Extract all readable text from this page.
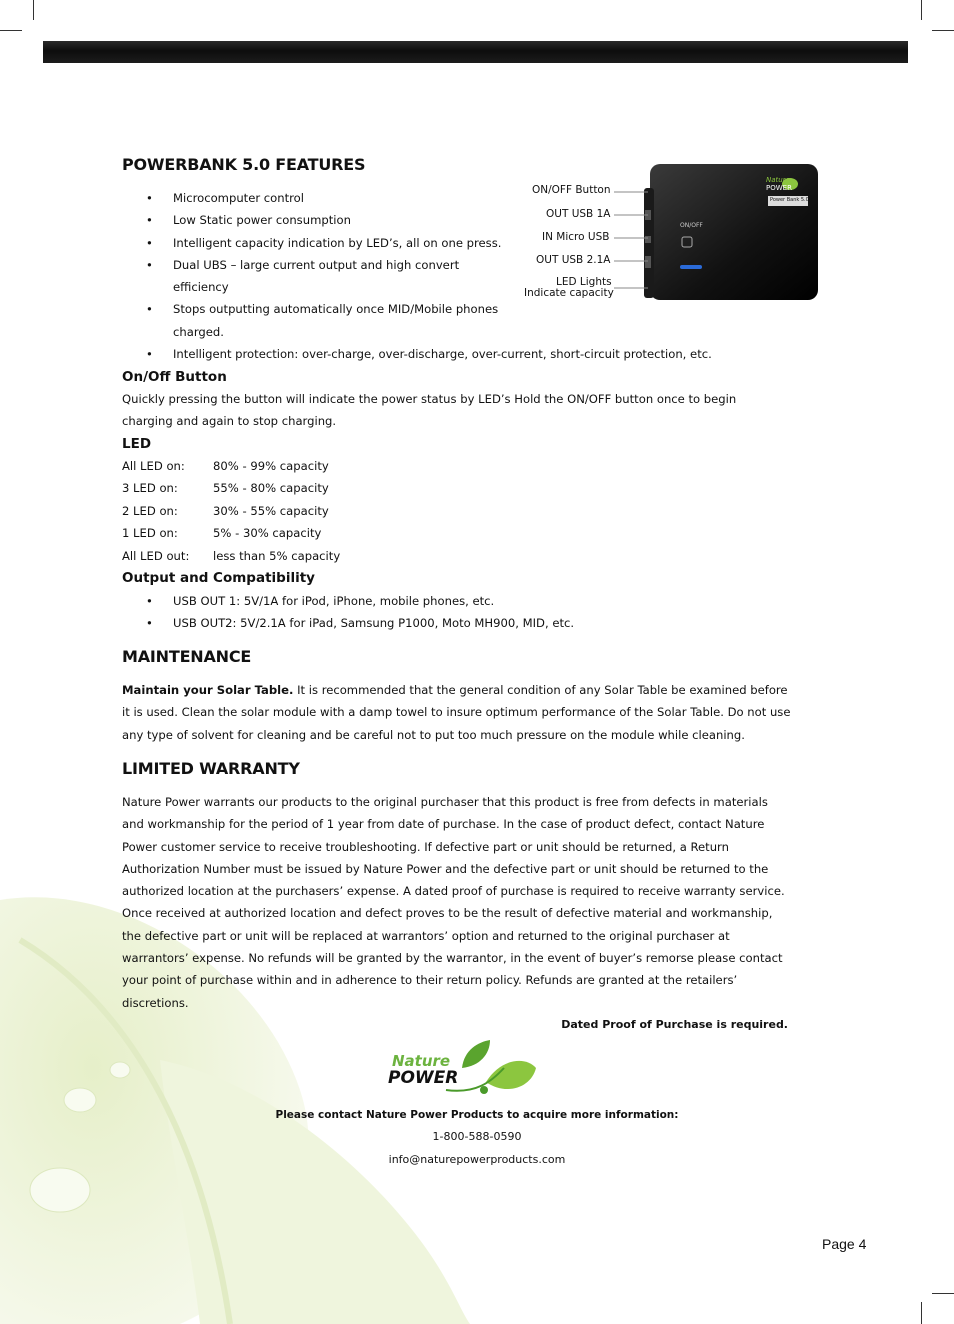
POWERBANK 5.0 FEATURES
• Microcomputer control
• Low Static power consumption
• Intelligent capacity indication by LED’s, all on one press.
• Dual UBS – large current output and high convert efficiency
• Stops outputting automatically once MID/Mobile phones charged.
• Intelligent protection: over-charge, over-discharge, over-current, short-circuit protection, etc.
On/Off Button

Quickly pressing the button will indicate the power status by LED’s Hold the ON/OFF button once to begin charging and again to stop charging.

LED
All LED on: 80% - 99% capacity
3 LED on:	55% - 80% capacity
2 LED on:	30% - 55% capacity
1 LED on:	5% - 30% capacity
All LED out: less than 5% capacity
Output and Compatibility
• USB OUT 1: 5V/1A for iPod, iPhone, mobile phones, etc.
• USB OUT2: 5V/2.1A for iPad, Samsung P1000, Moto MH900, MID, etc.
MAINTENANCE

Maintain your Solar Table. It is recommended that the general condition of any Solar Table be examined before it is used. Clean the solar module with a damp towel to insure optimum performance of the Solar Table. Do not use any type of solvent for cleaning and be careful not to put too much pressure on the module while cleaning.

LIMITED WARRANTY

Nature Power warrants our products to the original purchaser that this product is free from defects in materials and workmanship for the period of 1 year from date of purchase. In the case of product defect, contact Nature Power customer service to receive troubleshooting. If defective part or unit should be returned, a Return Authorization Number must be issued by Nature Power and the defective part or unit should be returned to the authorized location at the purchasers’ expense. A dated proof of purchase is required to receive warranty service. Once received at authorized location and defect proves to be the result of defective material and workmanship, the defective part or unit will be replaced at warrantors’ option and returned to the original purchaser at warrantors’ expense. No refunds will be granted by the warrantor, in the event of buyer’s remorse please contact your point of purchase within and in adherence to their return policy. Refunds are granted at the retailers’ discretions.

Dated Proof of Purchase is required.

ON/OFF Button
OUT USB 1A
IN Micro USB
OUT USB 2.1A
LED Lights
Indicate capacity
Nature
POWER
Power Bank 5.0
ON/OFF
Nature
POWER
Please contact Nature Power Products to acquire more information:
1-800-588-0590
info@naturepowerproducts.com
Page 4
